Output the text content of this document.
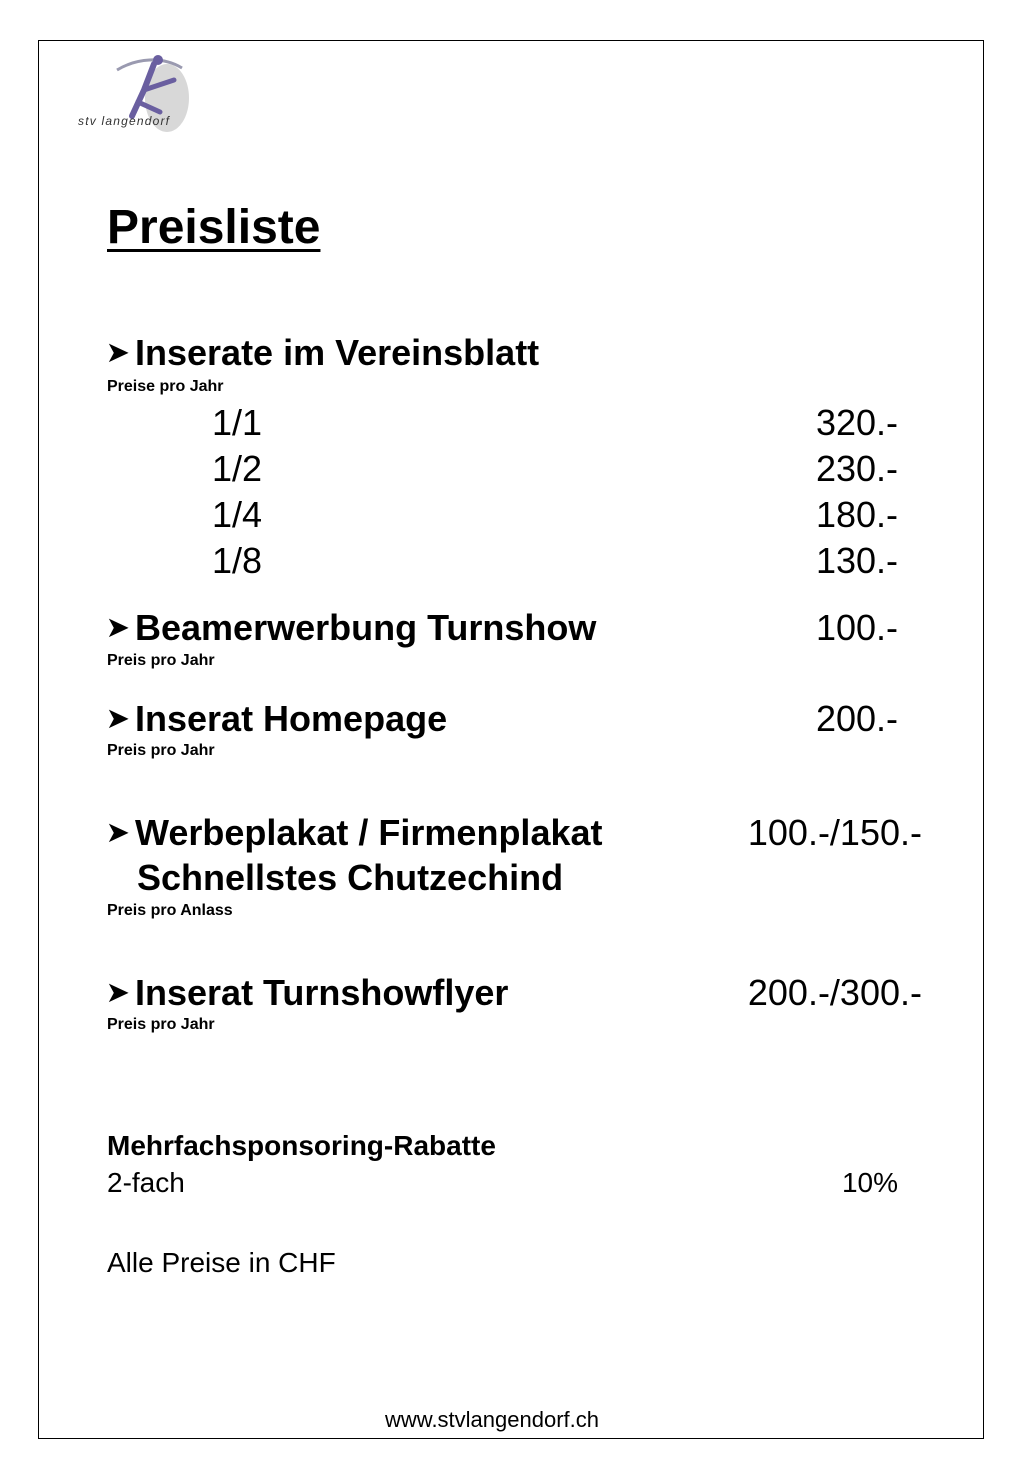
stv langendorf
Preisliste
➤ Inserate im Vereinsblatt
Preise pro Jahr
1/1	320.-
1/2	230.-
1/4	180.-
1/8	130.-
➤ Beamerwerbung Turnshow	100.-
Preis pro Jahr
➤ Inserat Homepage	200.-
Preis pro Jahr
➤ Werbeplakat / Firmenplakat	100.-/150.-
Schnellstes Chutzechind
Preis pro Anlass
➤ Inserat Turnshowflyer	200.-/300.-
Preis pro Jahr
Mehrfachsponsoring-Rabatte
2-fach	10%
Alle Preise in CHF
www.stvlangendorf.ch
